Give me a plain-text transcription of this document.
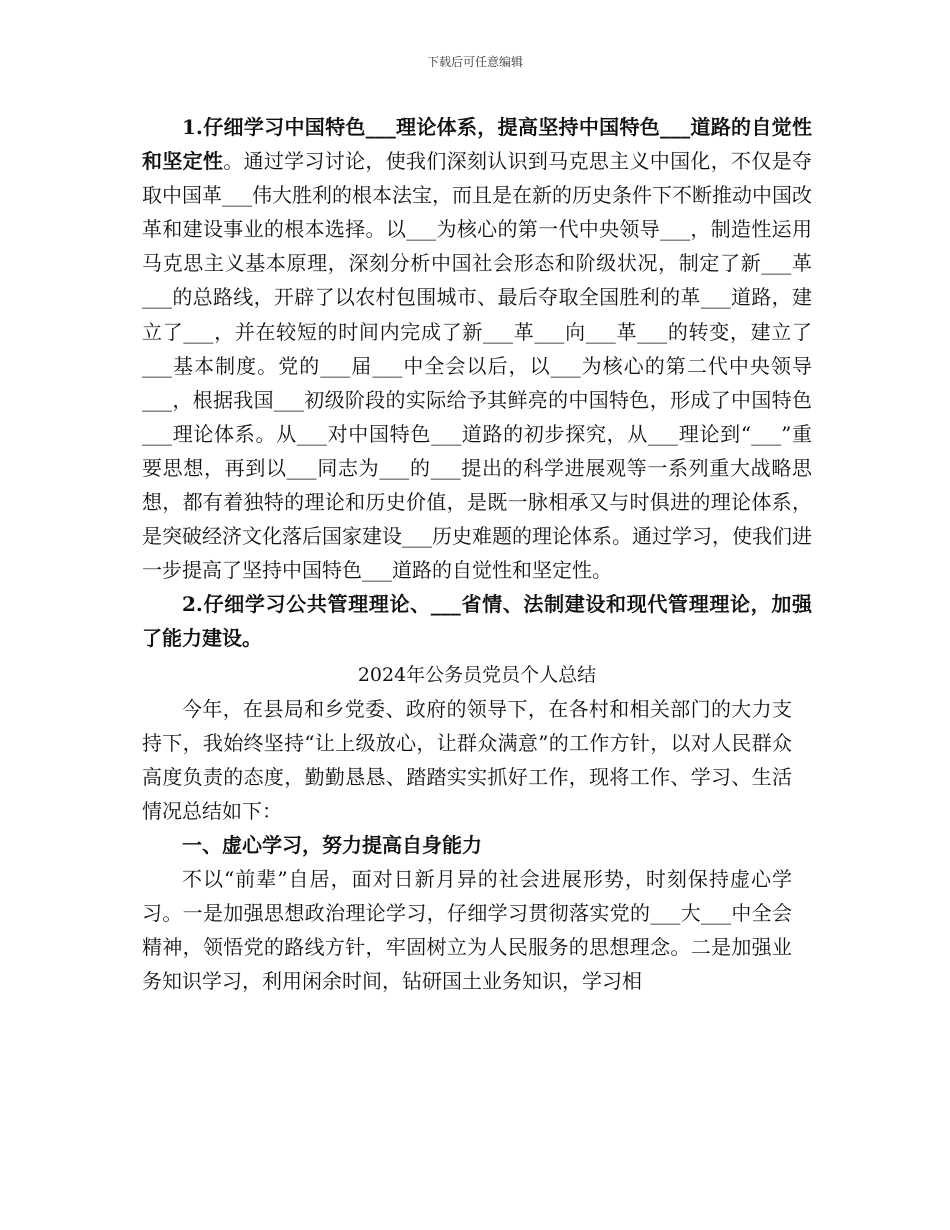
下载后可任意编辑

1.仔细学习中国特色___理论体系，提高坚持中国特色___道路的自觉性和坚定性。通过学习讨论，使我们深刻认识到马克思主义中国化，不仅是夺取中国革___伟大胜利的根本法宝，而且是在新的历史条件下不断推动中国改革和建设事业的根本选择。以___为核心的第一代中央领导___，制造性运用马克思主义基本原理，深刻分析中国社会形态和阶级状况，制定了新___革___的总路线，开辟了以农村包围城市、最后夺取全国胜利的革___道路，建立了___，并在较短的时间内完成了新___革___向___革___的转变，建立了___基本制度。党的___届___中全会以后，以___为核心的第二代中央领导___，根据我国___初级阶段的实际给予其鲜亮的中国特色，形成了中国特色___理论体系。从___对中国特色___道路的初步探究，从___理论到“___”重要思想，再到以___同志为___的___提出的科学进展观等一系列重大战略思想，都有着独特的理论和历史价值，是既一脉相承又与时俱进的理论体系，是突破经济文化落后国家建设___历史难题的理论体系。通过学习，使我们进一步提高了坚持中国特色___道路的自觉性和坚定性。

2.仔细学习公共管理理论、___省情、法制建设和现代管理理论，加强了能力建设。

2024年公务员党员个人总结

今年，在县局和乡党委、政府的领导下，在各村和相关部门的大力支持下，我始终坚持“让上级放心，让群众满意”的工作方针，以对人民群众高度负责的态度，勤勤恳恳、踏踏实实抓好工作，现将工作、学习、生活情况总结如下：

一、虚心学习，努力提高自身能力

不以“前辈”自居，面对日新月异的社会进展形势，时刻保持虚心学习。一是加强思想政治理论学习，仔细学习贯彻落实党的___大___中全会精神，领悟党的路线方针，牢固树立为人民服务的思想理念。二是加强业务知识学习，利用闲余时间，钻研国土业务知识，学习相
